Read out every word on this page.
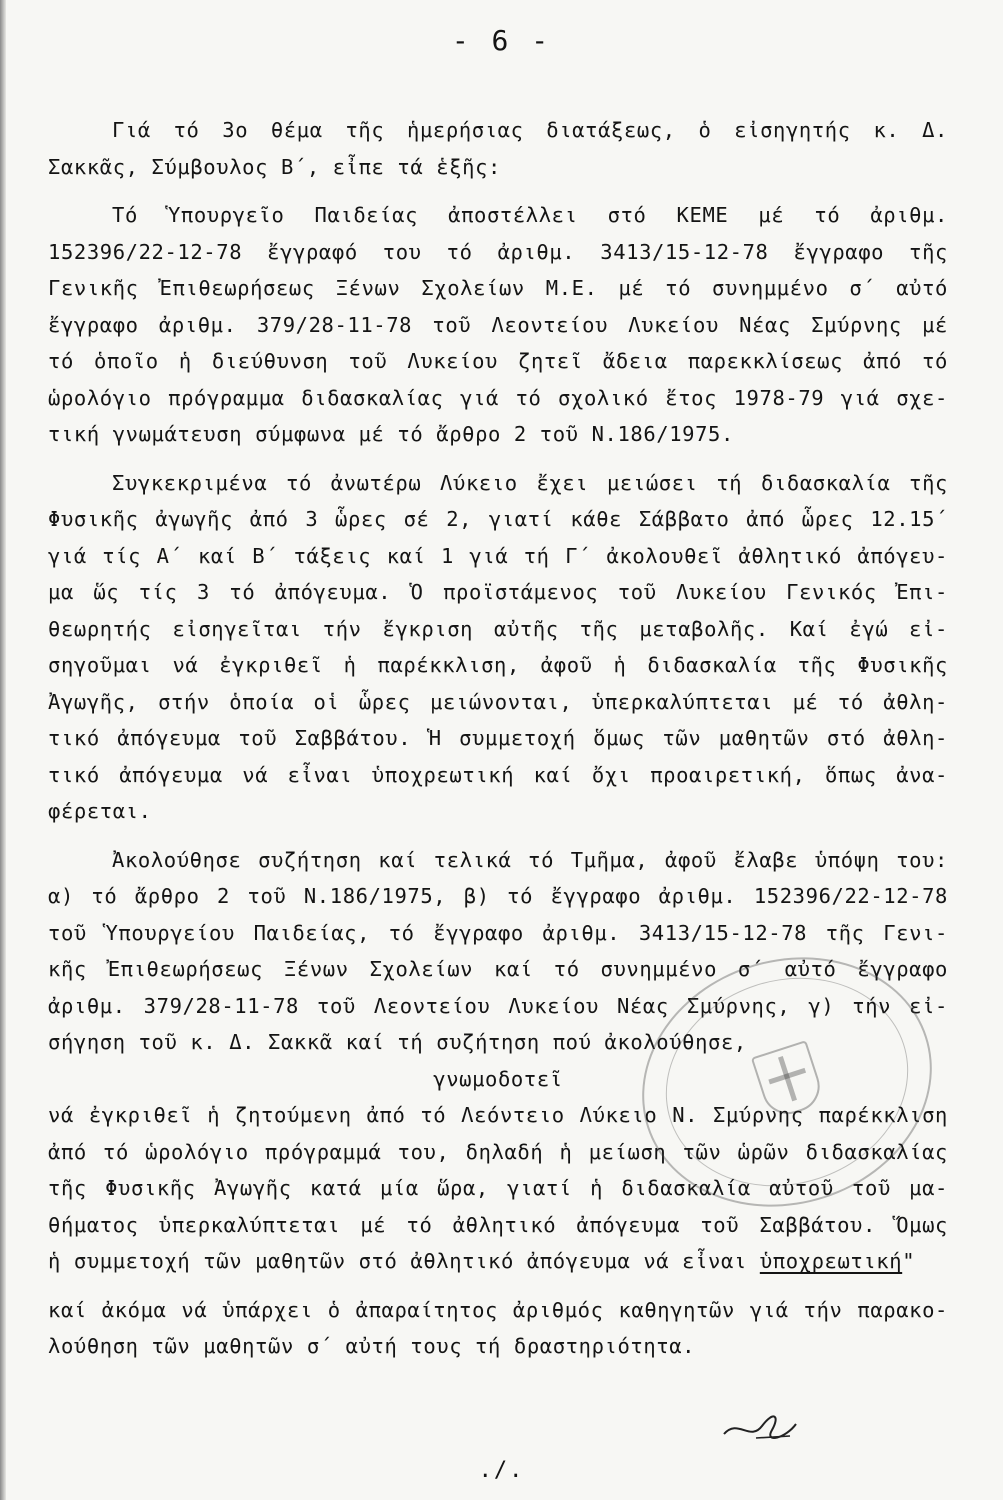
- 6 -
Γιά τό 3ο θέμα τῆς ἡμερήσιας διατάξεως, ὁ εἰσηγητής κ. Δ.
Σακκᾶς, Σύμβουλος Β΄, εἶπε τά ἑξῆς:
Τό Ὑπουργεῖο Παιδείας ἀποστέλλει στό ΚΕΜΕ μέ τό ἀριθμ.
152396/22-12-78 ἔγγραφό του τό ἀριθμ. 3413/15-12-78 ἔγγραφο τῆς
Γενικῆς Ἐπιθεωρήσεως Ξένων Σχολείων Μ.Ε. μέ τό συνημμένο σ΄ αὐτό
ἔγγραφο ἀριθμ. 379/28-11-78 τοῦ Λεοντείου Λυκείου Νέας Σμύρνης μέ
τό ὁποῖο ἡ διεύθυνση τοῦ Λυκείου ζητεῖ ἄδεια παρεκκλίσεως ἀπό τό
ὡρολόγιο πρόγραμμα διδασκαλίας γιά τό σχολικό ἔτος 1978-79 γιά σχε-
τική γνωμάτευση σύμφωνα μέ τό ἄρθρο 2 τοῦ Ν.186/1975.
Συγκεκριμένα τό ἀνωτέρω Λύκειο ἔχει μειώσει τή διδασκαλία τῆς
Φυσικῆς ἀγωγῆς ἀπό 3 ὧρες σέ 2, γιατί κάθε Σάββατο ἀπό ὧρες 12.15΄
γιά τίς Α΄ καί Β΄ τάξεις καί 1 γιά τή Γ΄ ἀκολουθεῖ ἀθλητικό ἀπόγευ-
μα ὥς τίς 3 τό ἀπόγευμα. Ὁ προϊστάμενος τοῦ Λυκείου Γενικός Ἐπι-
θεωρητής εἰσηγεῖται τήν ἔγκριση αὐτῆς τῆς μεταβολῆς. Καί ἐγώ εἰ-
σηγοῦμαι νά ἐγκριθεῖ ἡ παρέκκλιση, ἀφοῦ ἡ διδασκαλία τῆς Φυσικῆς
Ἀγωγῆς, στήν ὁποία οἱ ὧρες μειώνονται, ὑπερκαλύπτεται μέ τό ἀθλη-
τικό ἀπόγευμα τοῦ Σαββάτου. Ἡ συμμετοχή ὅμως τῶν μαθητῶν στό ἀθλη-
τικό ἀπόγευμα νά εἶναι ὑποχρεωτική καί ὄχι προαιρετική, ὅπως ἀνα-
φέρεται.
Ἀκολούθησε συζήτηση καί τελικά τό Τμῆμα, ἀφοῦ ἔλαβε ὑπόψη του:
α) τό ἄρθρο 2 τοῦ Ν.186/1975, β) τό ἔγγραφο ἀριθμ. 152396/22-12-78
τοῦ Ὑπουργείου Παιδείας, τό ἔγγραφο ἀριθμ. 3413/15-12-78 τῆς Γενι-
κῆς Ἐπιθεωρήσεως Ξένων Σχολείων καί τό συνημμένο σ΄ αὐτό ἔγγραφο
ἀριθμ. 379/28-11-78 τοῦ Λεοντείου Λυκείου Νέας Σμύρνης, γ) τήν εἰ-
σήγηση τοῦ κ. Δ. Σακκᾶ καί τή συζήτηση πού ἀκολούθησε,
γνωμοδοτεῖ
νά ἐγκριθεῖ ἡ ζητούμενη ἀπό τό Λεόντειο Λύκειο Ν. Σμύρνης παρέκκλιση
ἀπό τό ὡρολόγιο πρόγραμμά του, δηλαδή ἡ μείωση τῶν ὡρῶν διδασκαλίας
τῆς Φυσικῆς Ἀγωγῆς κατά μία ὥρα, γιατί ἡ διδασκαλία αὐτοῦ τοῦ μα-
θήματος ὑπερκαλύπτεται μέ τό ἀθλητικό ἀπόγευμα τοῦ Σαββάτου. Ὅμως
ἡ συμμετοχή τῶν μαθητῶν στό ἀθλητικό ἀπόγευμα νά εἶναι ὑποχρεωτική"
καί ἀκόμα νά ὑπάρχει ὁ ἀπαραίτητος ἀριθμός καθηγητῶν γιά τήν παρακο-
λούθηση τῶν μαθητῶν σ΄ αὐτή τους τή δραστηριότητα.
./.
